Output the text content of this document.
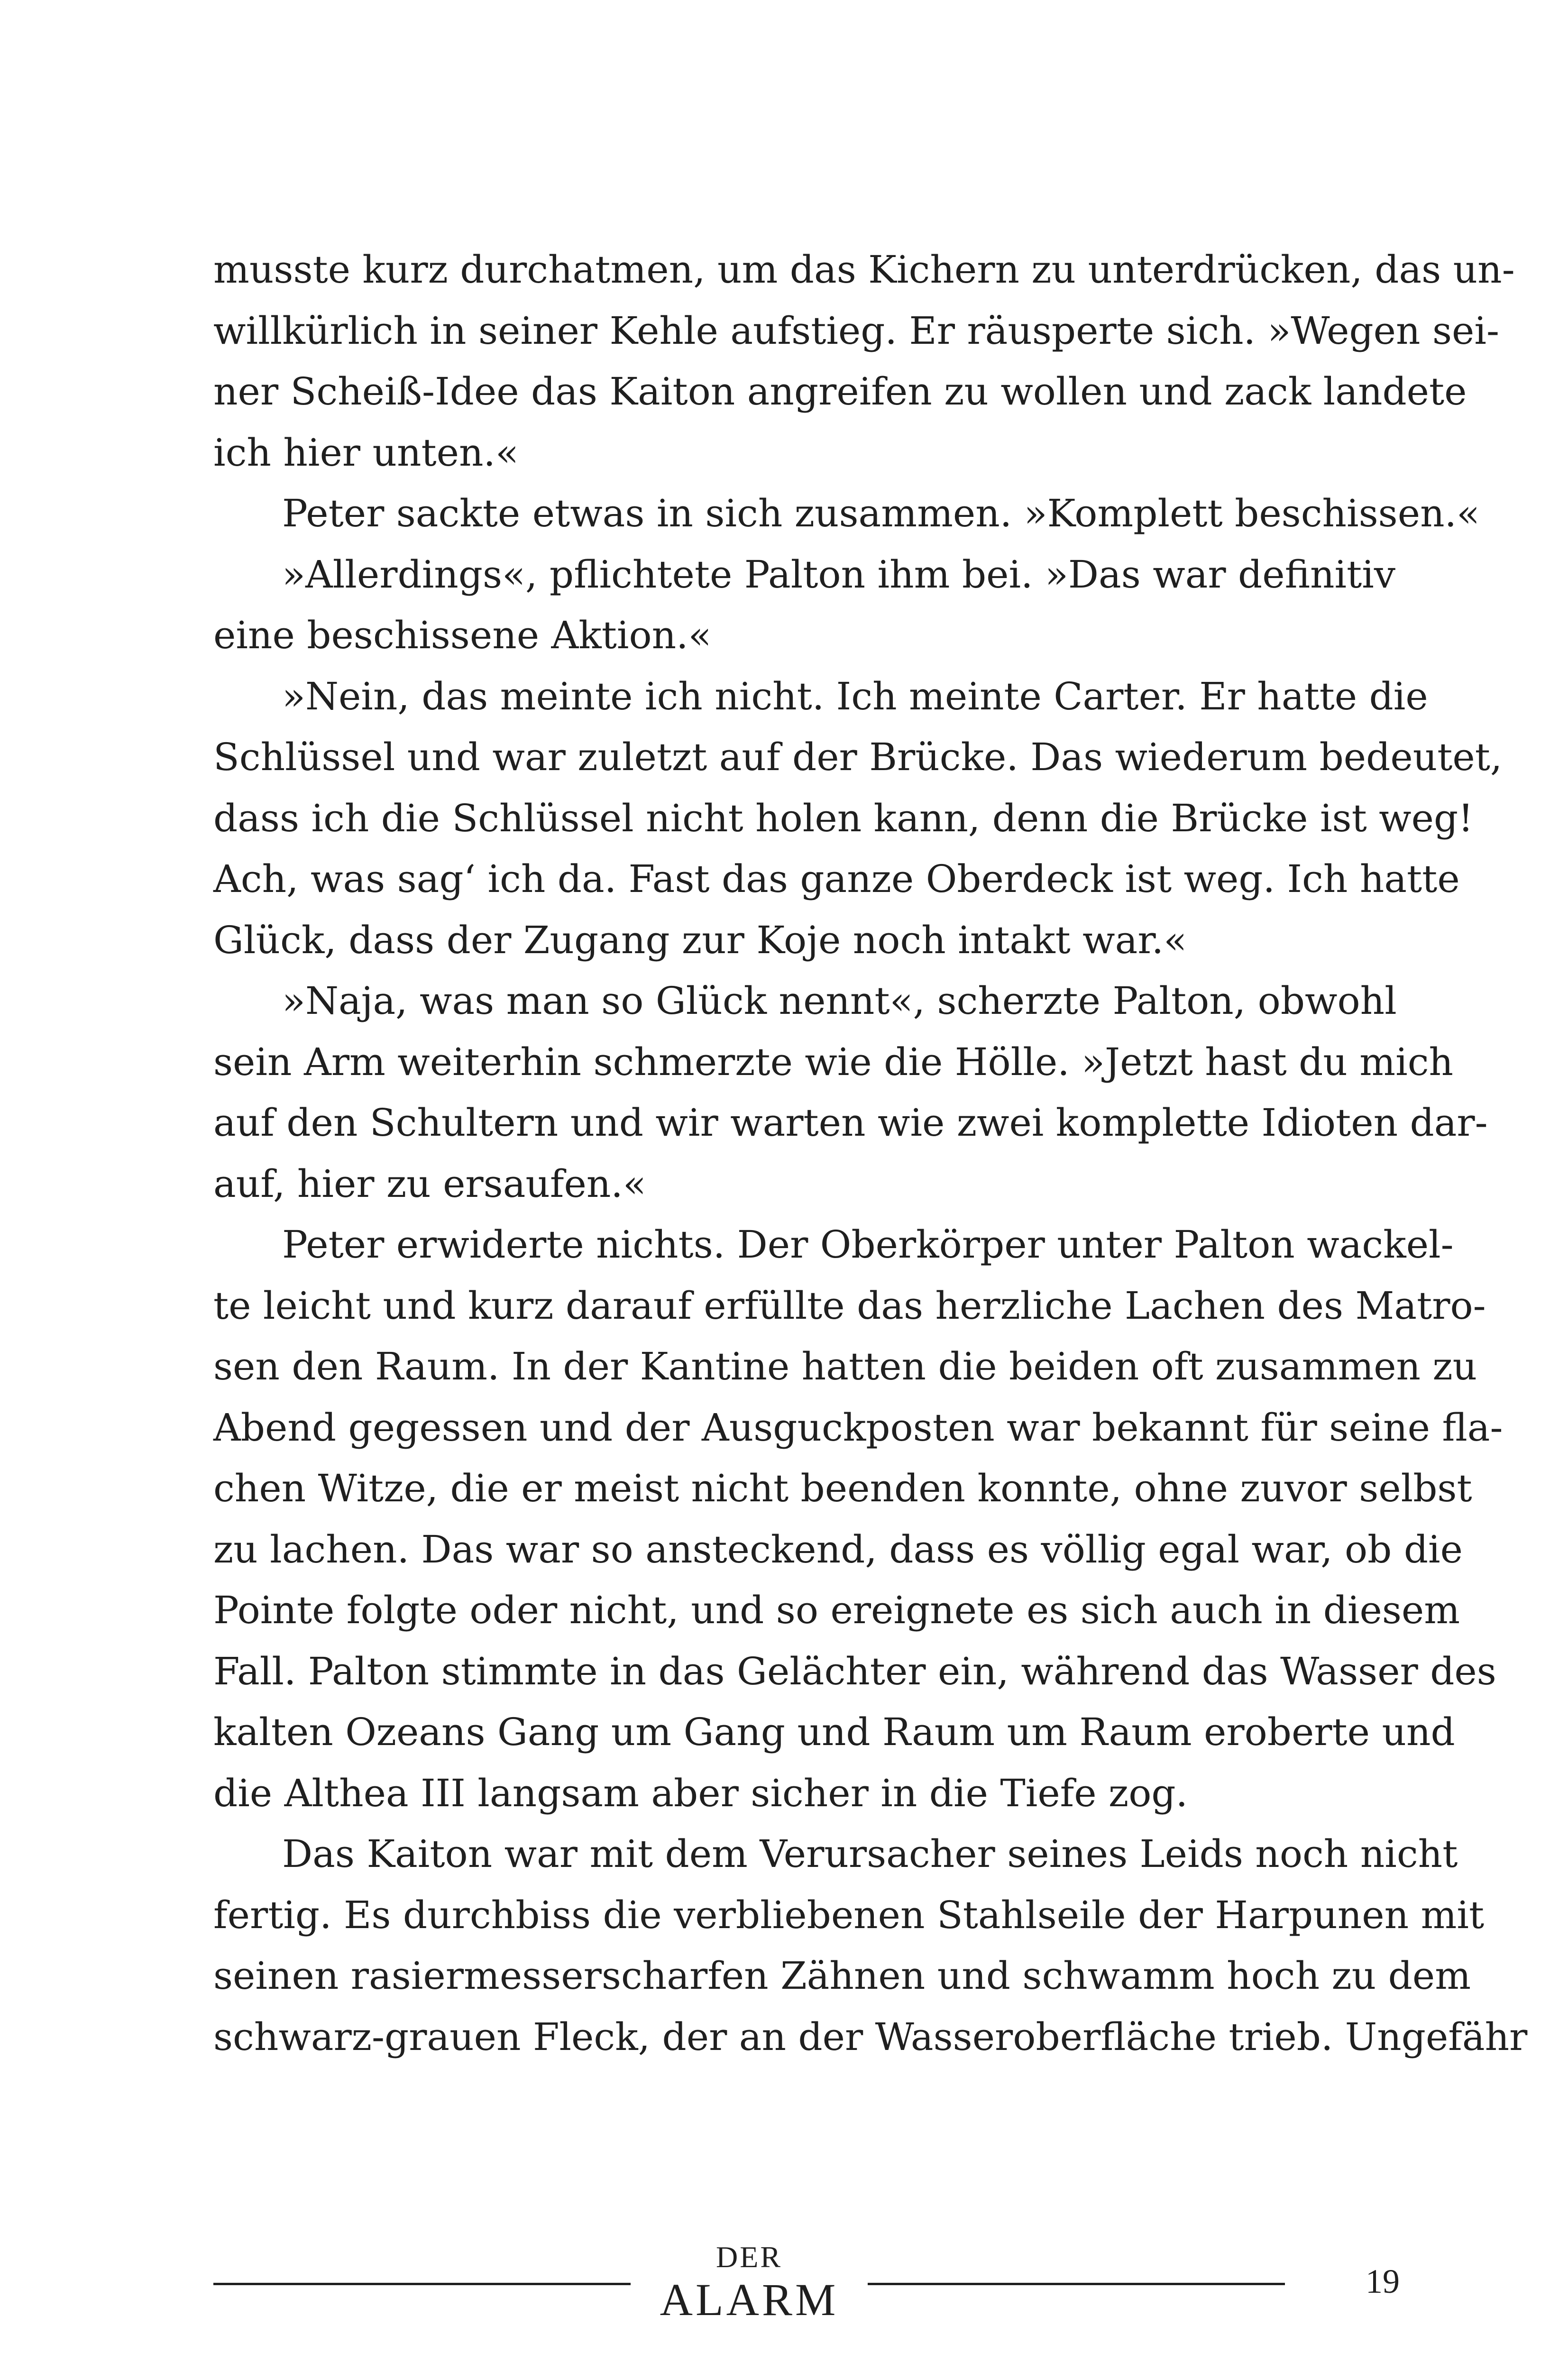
musste kurz durchatmen, um das Kichern zu unterdrücken, das un-
willkürlich in seiner Kehle aufstieg. Er räusperte sich. »Wegen sei-
ner Scheiß-Idee das Kaiton angreifen zu wollen und zack landete
ich hier unten.«
Peter sackte etwas in sich zusammen. »Komplett beschissen.«
»Allerdings«, pflichtete Palton ihm bei. »Das war definitiv
eine beschissene Aktion.«
»Nein, das meinte ich nicht. Ich meinte Carter. Er hatte die
Schlüssel und war zuletzt auf der Brücke. Das wiederum bedeutet,
dass ich die Schlüssel nicht holen kann, denn die Brücke ist weg!
Ach, was sag‘ ich da. Fast das ganze Oberdeck ist weg. Ich hatte
Glück, dass der Zugang zur Koje noch intakt war.«
»Naja, was man so Glück nennt«, scherzte Palton, obwohl
sein Arm weiterhin schmerzte wie die Hölle. »Jetzt hast du mich
auf den Schultern und wir warten wie zwei komplette Idioten dar-
auf, hier zu ersaufen.«
Peter erwiderte nichts. Der Oberkörper unter Palton wackel-
te leicht und kurz darauf erfüllte das herzliche Lachen des Matro-
sen den Raum. In der Kantine hatten die beiden oft zusammen zu
Abend gegessen und der Ausguckposten war bekannt für seine fla-
chen Witze, die er meist nicht beenden konnte, ohne zuvor selbst
zu lachen. Das war so ansteckend, dass es völlig egal war, ob die
Pointe folgte oder nicht, und so ereignete es sich auch in diesem
Fall. Palton stimmte in das Gelächter ein, während das Wasser des
kalten Ozeans Gang um Gang und Raum um Raum eroberte und
die Althea III langsam aber sicher in die Tiefe zog.
Das Kaiton war mit dem Verursacher seines Leids noch nicht
fertig. Es durchbiss die verbliebenen Stahlseile der Harpunen mit
seinen rasiermesserscharfen Zähnen und schwamm hoch zu dem
schwarz-grauen Fleck, der an der Wasseroberfläche trieb. Ungefähr
DER
ALARM	19
